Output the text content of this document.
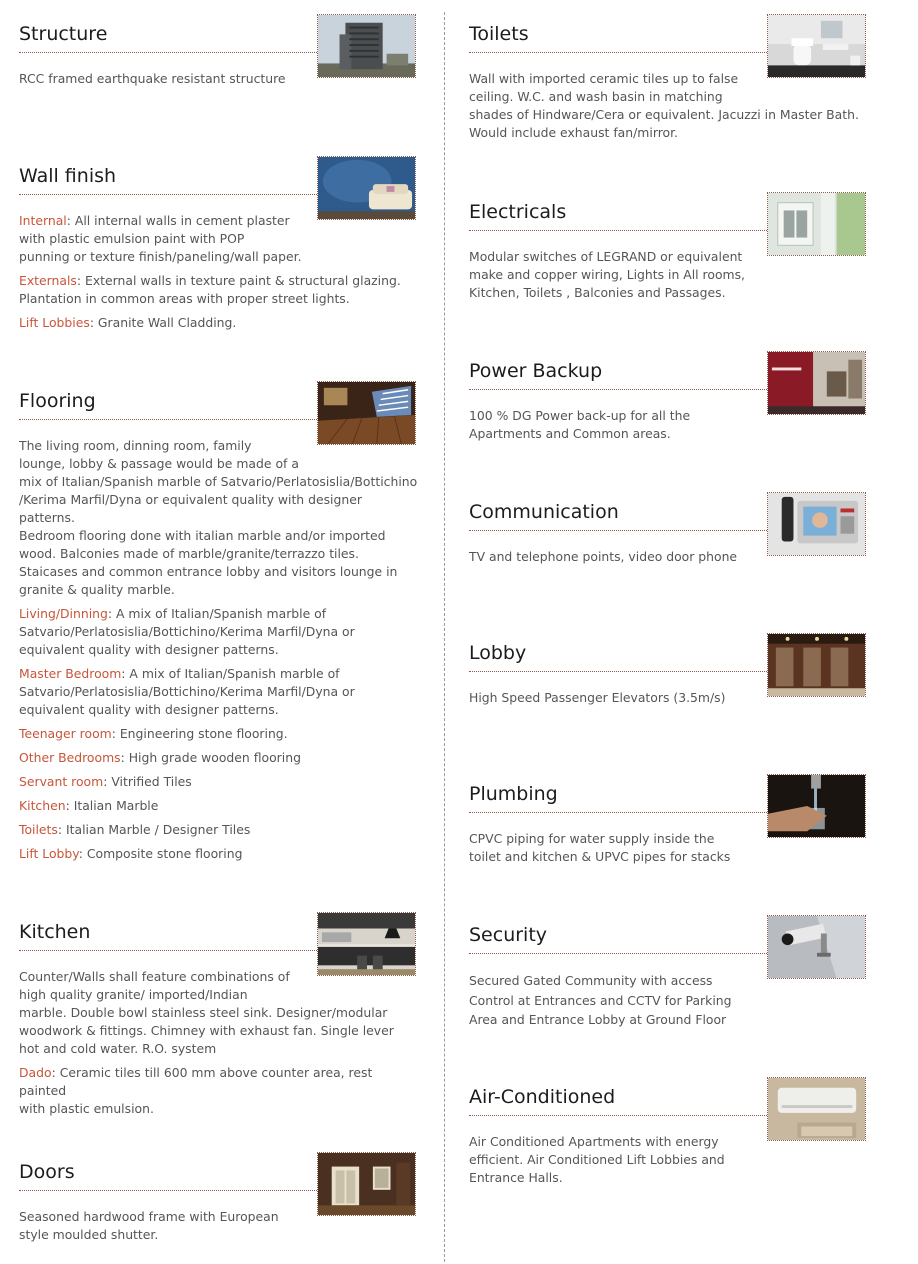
Structure
RCC framed earthquake resistant structure
Wall finish

Internal: All internal walls in cement plaster
with plastic emulsion paint with POP
punning or texture finish/paneling/wall paper.

Externals: External walls in texture paint & structural glazing.
Plantation in common areas with proper street lights.

Lift Lobbies: Granite Wall Cladding.

Flooring

The living room, dinning room, family
lounge, lobby & passage would be made of a
mix of Italian/Spanish marble of Satvario/Perlatosislia/Bottichino
/Kerima Marfil/Dyna or equivalent quality with designer
patterns.
Bedroom flooring done with italian marble and/or imported
wood. Balconies made of marble/granite/terrazzo tiles.
Staicases and common entrance lobby and visitors lounge in
granite & quality marble.

Living/Dinning: A mix of Italian/Spanish marble of
Satvario/Perlatosislia/Bottichino/Kerima Marfil/Dyna or
equivalent quality with designer patterns.

Master Bedroom: A mix of Italian/Spanish marble of
Satvario/Perlatosislia/Bottichino/Kerima Marfil/Dyna or
equivalent quality with designer patterns.

Teenager room: Engineering stone flooring.

Other Bedrooms: High grade wooden flooring

Servant room: Vitrified Tiles

Kitchen: Italian Marble

Toilets: Italian Marble / Designer Tiles

Lift Lobby: Composite stone flooring

Kitchen

Counter/Walls shall feature combinations of
high quality granite/ imported/Indian
marble. Double bowl stainless steel sink. Designer/modular
woodwork & fittings. Chimney with exhaust fan. Single lever
hot and cold water. R.O. system

Dado: Ceramic tiles till 600 mm above counter area, rest painted
with plastic emulsion.

Doors
Seasoned hardwood frame with European
style moulded shutter.
Toilets
Wall with imported ceramic tiles up to false
ceiling. W.C. and wash basin in matching
shades of Hindware/Cera or equivalent. Jacuzzi in Master Bath.
Would include exhaust fan/mirror.
Electricals
Modular switches of LEGRAND or equivalent
make and copper wiring, Lights in All rooms,
Kitchen, Toilets , Balconies and Passages.
Power Backup
100 % DG Power back-up for all the
Apartments and Common areas.
Communication
TV and telephone points, video door phone
Lobby
High Speed Passenger Elevators (3.5m/s)
Plumbing
CPVC piping for water supply inside the
toilet and kitchen & UPVC pipes for stacks
Security
Secured Gated Community with access
Control at Entrances and CCTV for Parking
Area and Entrance Lobby at Ground Floor
Air-Conditioned
Air Conditioned Apartments with energy
efficient. Air Conditioned Lift Lobbies and
Entrance Halls.
